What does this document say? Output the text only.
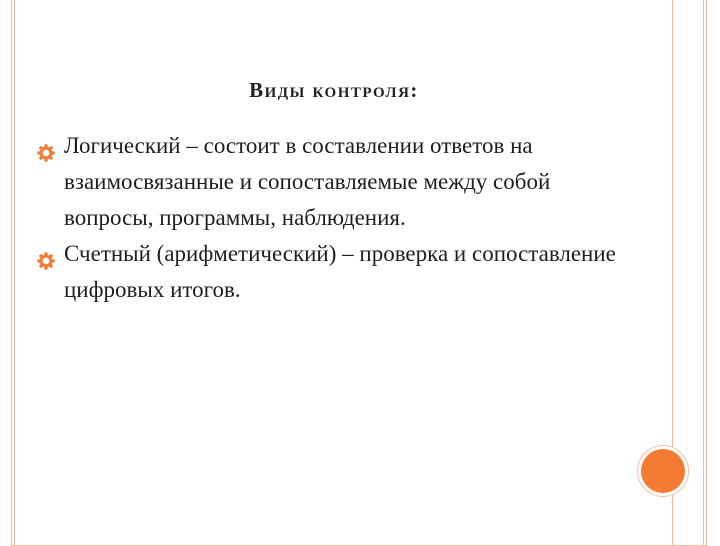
Виды контроля:
Логический – состоит в составлении ответов на взаимосвязанные и сопоставляемые между собой вопросы, программы, наблюдения.
Счетный (арифметический) – проверка и сопоставление цифровых итогов.
